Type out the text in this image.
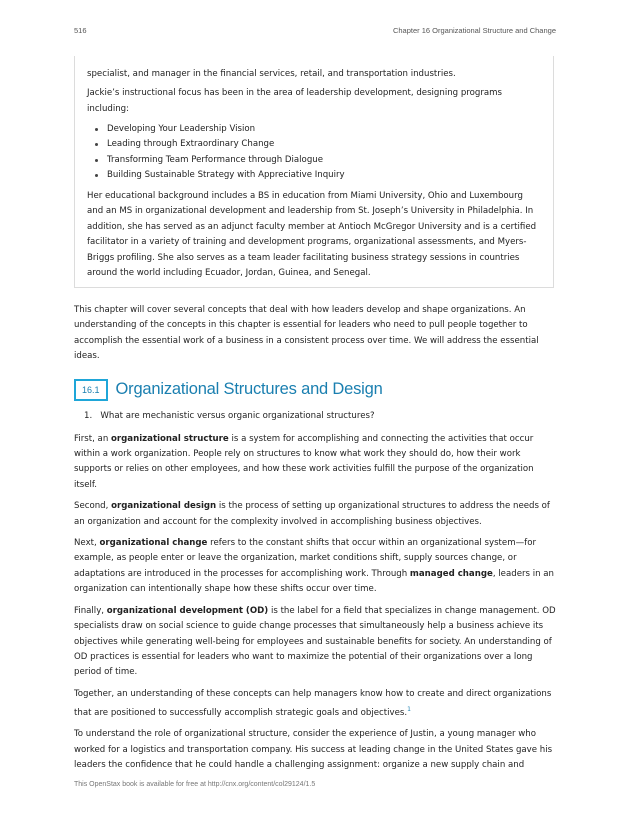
516	Chapter 16 Organizational Structure and Change

specialist, and manager in the financial services, retail, and transportation industries.

Jackie’s instructional focus has been in the area of leadership development, designing programs including:

Developing Your Leadership Vision
Leading through Extraordinary Change
Transforming Team Performance through Dialogue
Building Sustainable Strategy with Appreciative Inquiry

Her educational background includes a BS in education from Miami University, Ohio and Luxembourg and an MS in organizational development and leadership from St. Joseph’s University in Philadelphia. In addition, she has served as an adjunct faculty member at Antioch McGregor University and is a certified facilitator in a variety of training and development programs, organizational assessments, and Myers-Briggs profiling. She also serves as a team leader facilitating business strategy sessions in countries around the world including Ecuador, Jordan, Guinea, and Senegal.

This chapter will cover several concepts that deal with how leaders develop and shape organizations. An understanding of the concepts in this chapter is essential for leaders who need to pull people together to accomplish the essential work of a business in a consistent process over time. We will address the essential ideas.

16.1 Organizational Structures and Design
1. What are mechanistic versus organic organizational structures?

First, an organizational structure is a system for accomplishing and connecting the activities that occur within a work organization. People rely on structures to know what work they should do, how their work supports or relies on other employees, and how these work activities fulfill the purpose of the organization itself.

Second, organizational design is the process of setting up organizational structures to address the needs of an organization and account for the complexity involved in accomplishing business objectives.

Next, organizational change refers to the constant shifts that occur within an organizational system—for example, as people enter or leave the organization, market conditions shift, supply sources change, or adaptations are introduced in the processes for accomplishing work. Through managed change, leaders in an organization can intentionally shape how these shifts occur over time.

Finally, organizational development (OD) is the label for a field that specializes in change management. OD specialists draw on social science to guide change processes that simultaneously help a business achieve its objectives while generating well-being for employees and sustainable benefits for society. An understanding of OD practices is essential for leaders who want to maximize the potential of their organizations over a long period of time.

Together, an understanding of these concepts can help managers know how to create and direct organizations that are positioned to successfully accomplish strategic goals and objectives.$^1$

To understand the role of organizational structure, consider the experience of Justin, a young manager who worked for a logistics and transportation company. His success at leading change in the United States gave his leaders the confidence that he could handle a challenging assignment: organize a new supply chain and

This OpenStax book is available for free at http://cnx.org/content/col29124/1.5
